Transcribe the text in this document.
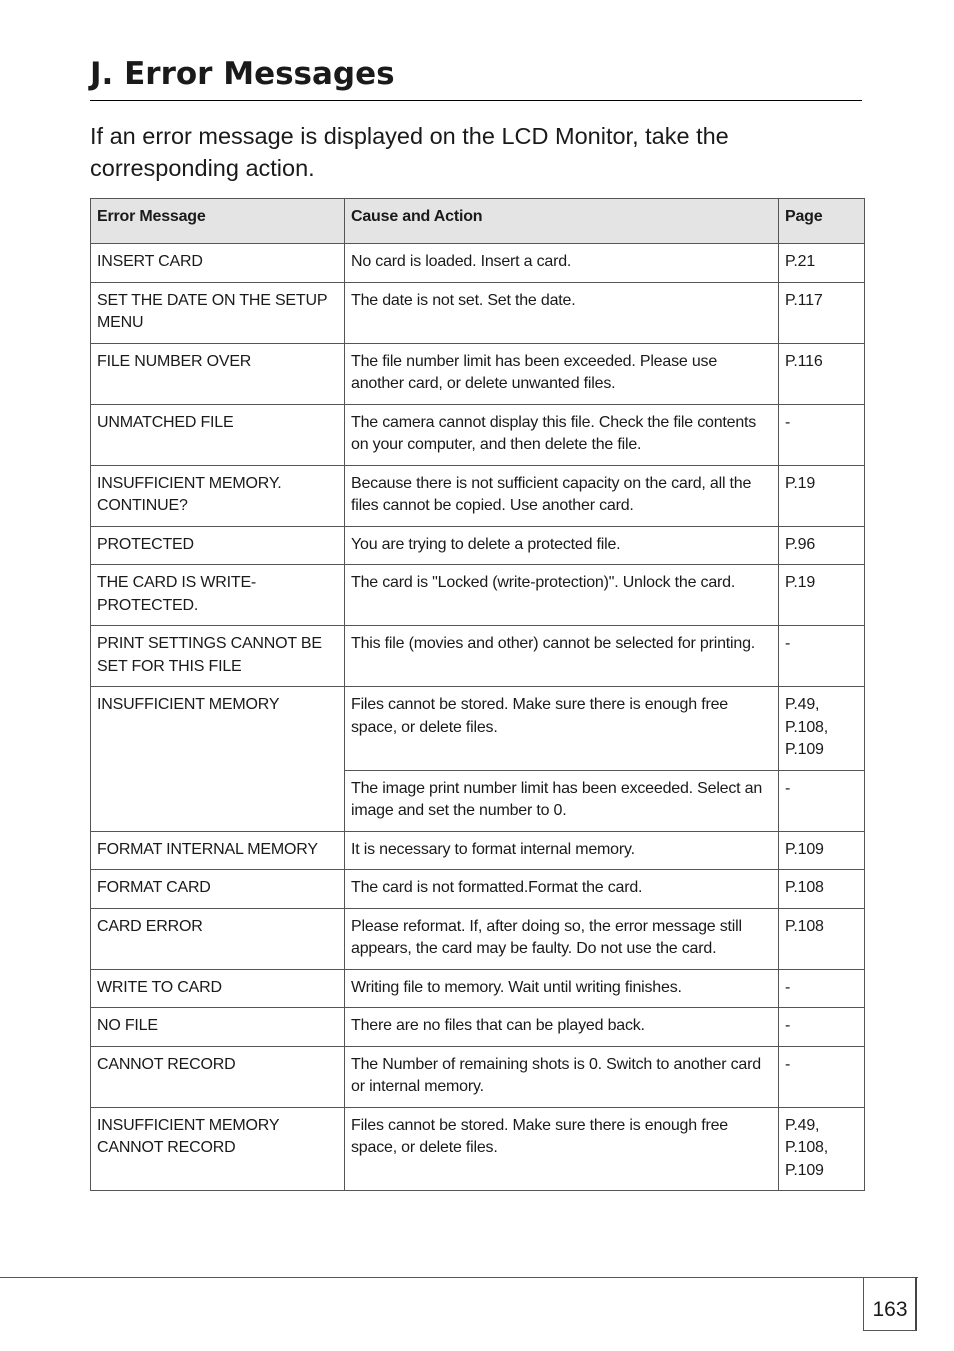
J. Error Messages

If an error message is displayed on the LCD Monitor, take the corresponding action.

Error Message	Cause and Action	Page
INSERT CARD	No card is loaded. Insert a card.	P.21
SET THE DATE ON THE SETUP MENU	The date is not set. Set the date.	P.117
FILE NUMBER OVER	The file number limit has been exceeded. Please use another card, or delete unwanted files.	P.116
UNMATCHED FILE	The camera cannot display this file. Check the file contents on your computer, and then delete the file.	-
INSUFFICIENT MEMORY. CONTINUE?	Because there is not sufficient capacity on the card, all the files cannot be copied. Use another card.	P.19
PROTECTED	You are trying to delete a protected file.	P.96
THE CARD IS WRITE-PROTECTED.	The card is "Locked (write-protection)". Unlock the card.	P.19
PRINT SETTINGS CANNOT BE SET FOR THIS FILE	This file (movies and other) cannot be selected for printing.	-
INSUFFICIENT MEMORY	Files cannot be stored. Make sure there is enough free space, or delete files.	P.49, P.108, P.109
	The image print number limit has been exceeded. Select an image and set the number to 0.	-
FORMAT INTERNAL MEMORY	It is necessary to format internal memory.	P.109
FORMAT CARD	The card is not formatted.Format the card.	P.108
CARD ERROR	Please reformat. If, after doing so, the error message still appears, the card may be faulty. Do not use the card.	P.108
WRITE TO CARD	Writing file to memory. Wait until writing finishes.	-
NO FILE	There are no files that can be played back.	-
CANNOT RECORD	The Number of remaining shots is 0. Switch to another card or internal memory.	-
INSUFFICIENT MEMORY CANNOT RECORD	Files cannot be stored. Make sure there is enough free space, or delete files.	P.49, P.108, P.109
163
